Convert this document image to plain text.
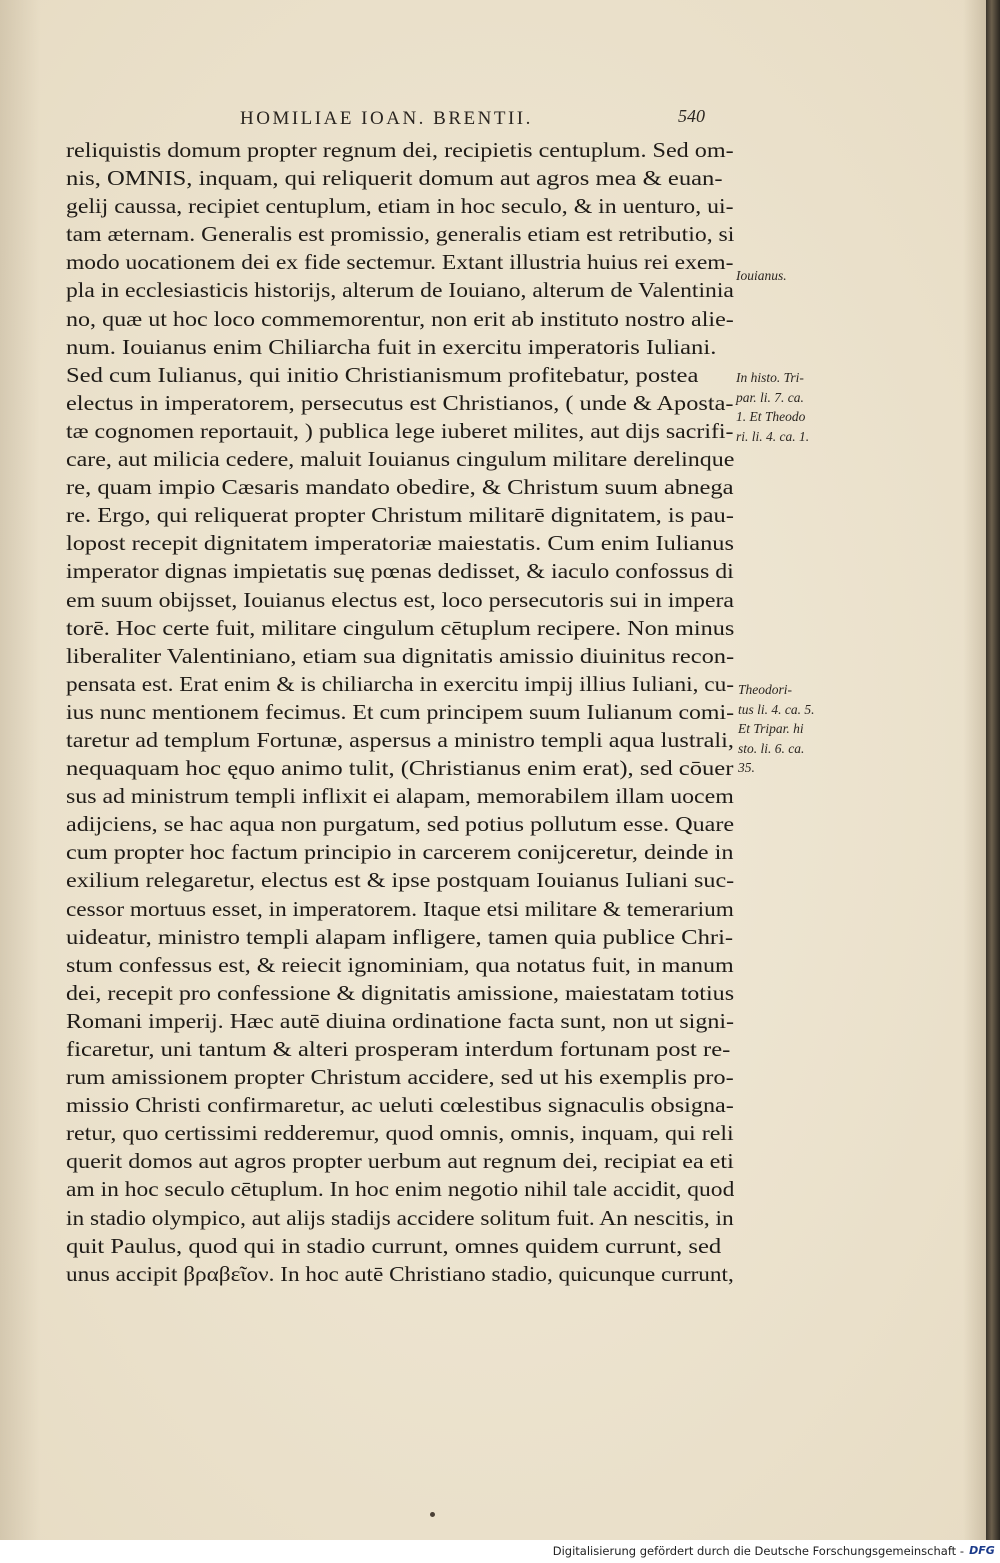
HOMILIAE IOAN. BRENTII.	540
reliquistis domum propter regnum dei, recipietis centuplum. Sed om-
nis, OMNIS, inquam, qui reliquerit domum aut agros mea & euan-
gelij caussa, recipiet centuplum, etiam in hoc seculo, & in uenturo, ui-
tam æternam. Generalis est promissio, generalis etiam est retributio, si
modo uocationem dei ex fide sectemur. Extant illustria huius rei exem-
pla in ecclesiasticis historijs, alterum de Iouiano, alterum de Valentinia
no, quæ ut hoc loco commemorentur, non erit ab instituto nostro alie-
num. Iouianus enim Chiliarcha fuit in exercitu imperatoris Iuliani.
Sed cum Iulianus, qui initio Christianismum profitebatur, postea
electus in imperatorem, persecutus est Christianos, ( unde & Aposta-
tæ cognomen reportauit, ) publica lege iuberet milites, aut dijs sacrifi-
care, aut milicia cedere, maluit Iouianus cingulum militare derelinque
re, quam impio Cæsaris mandato obedire, & Christum suum abnega
re. Ergo, qui reliquerat propter Christum militarē dignitatem, is pau-
lopost recepit dignitatem imperatoriæ maiestatis. Cum enim Iulianus
imperator dignas impietatis suę pœnas dedisset, & iaculo confossus di
em suum obijsset, Iouianus electus est, loco persecutoris sui in impera
torē. Hoc certe fuit, militare cingulum cētuplum recipere. Non minus
liberaliter Valentiniano, etiam sua dignitatis amissio diuinitus recon-
pensata est. Erat enim & is chiliarcha in exercitu impij illius Iuliani, cu-
ius nunc mentionem fecimus. Et cum principem suum Iulianum comi-
taretur ad templum Fortunæ, aspersus a ministro templi aqua lustrali,
nequaquam hoc ęquo animo tulit, (Christianus enim erat), sed cōuer
sus ad ministrum templi inflixit ei alapam, memorabilem illam uocem
adijciens, se hac aqua non purgatum, sed potius pollutum esse. Quare
cum propter hoc factum principio in carcerem conijceretur, deinde in
exilium relegaretur, electus est & ipse postquam Iouianus Iuliani suc-
cessor mortuus esset, in imperatorem. Itaque etsi militare & temerarium
uideatur, ministro templi alapam infligere, tamen quia publice Chri-
stum confessus est, & reiecit ignominiam, qua notatus fuit, in manum
dei, recepit pro confessione & dignitatis amissione, maiestatam totius
Romani imperij. Hæc autē diuina ordinatione facta sunt, non ut signi-
ficaretur, uni tantum & alteri prosperam interdum fortunam post re-
rum amissionem propter Christum accidere, sed ut his exemplis pro-
missio Christi confirmaretur, ac ueluti cœlestibus signaculis obsigna-
retur, quo certissimi redderemur, quod omnis, omnis, inquam, qui reli
querit domos aut agros propter uerbum aut regnum dei, recipiat ea eti
am in hoc seculo cētuplum. In hoc enim negotio nihil tale accidit, quod
in stadio olympico, aut alijs stadijs accidere solitum fuit. An nescitis, in
quit Paulus, quod qui in stadio currunt, omnes quidem currunt, sed
unus accipit βραβεῖον. In hoc autē Christiano stadio, quicunque currunt,
Iouianus.
In histo. Tri-
par. li. 7. ca.
1. Et Theodo
ri. li. 4. ca. 1.
Theodori-
tus li. 4. ca. 5.
Et Tripar. hi
sto. li. 6. ca.
35.
Digitalisierung gefördert durch die Deutsche Forschungsgemeinschaft - DFG
